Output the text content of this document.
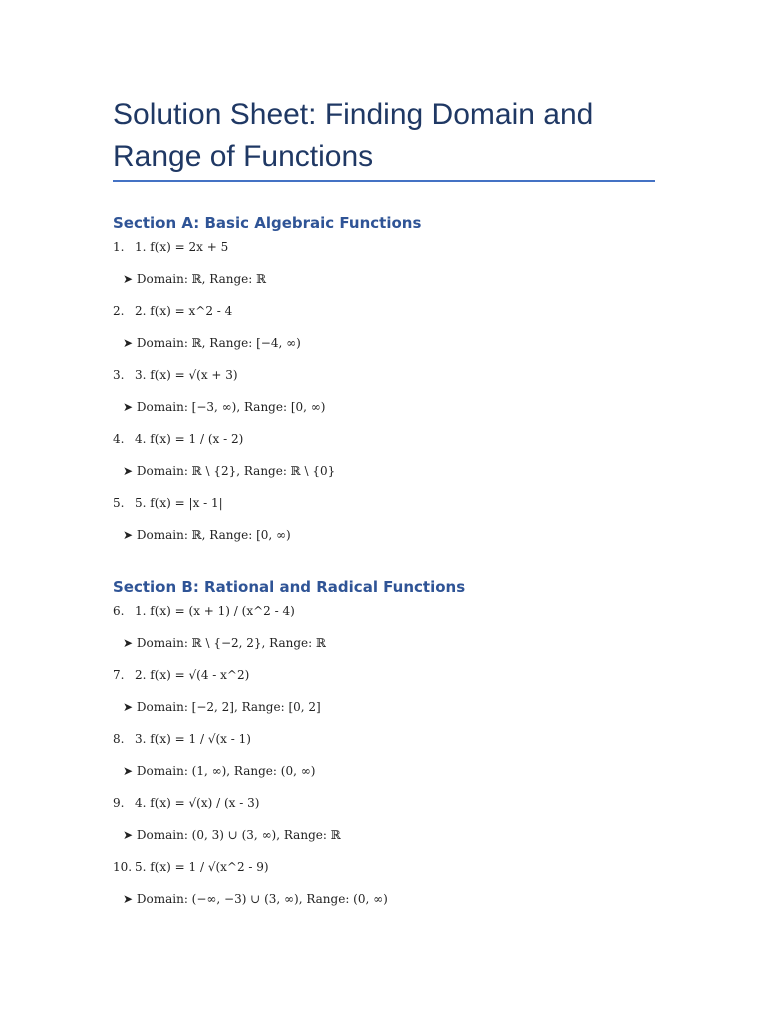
Solution Sheet: Finding Domain and Range of Functions
Section A: Basic Algebraic Functions
1. 1. f(x) = 2x + 5
➤ Domain: ℝ, Range: ℝ
2. 2. f(x) = x^2 - 4
➤ Domain: ℝ, Range: [−4, ∞)
3. 3. f(x) = √(x + 3)
➤ Domain: [−3, ∞), Range: [0, ∞)
4. 4. f(x) = 1 / (x - 2)
➤ Domain: ℝ \ {2}, Range: ℝ \ {0}
5. 5. f(x) = |x - 1|
➤ Domain: ℝ, Range: [0, ∞)
Section B: Rational and Radical Functions
6. 1. f(x) = (x + 1) / (x^2 - 4)
➤ Domain: ℝ \ {−2, 2}, Range: ℝ
7. 2. f(x) = √(4 - x^2)
➤ Domain: [−2, 2], Range: [0, 2]
8. 3. f(x) = 1 / √(x - 1)
➤ Domain: (1, ∞), Range: (0, ∞)
9. 4. f(x) = √(x) / (x - 3)
➤ Domain: (0, 3) ∪ (3, ∞), Range: ℝ
10. 5. f(x) = 1 / √(x^2 - 9)
➤ Domain: (−∞, −3) ∪ (3, ∞), Range: (0, ∞)
